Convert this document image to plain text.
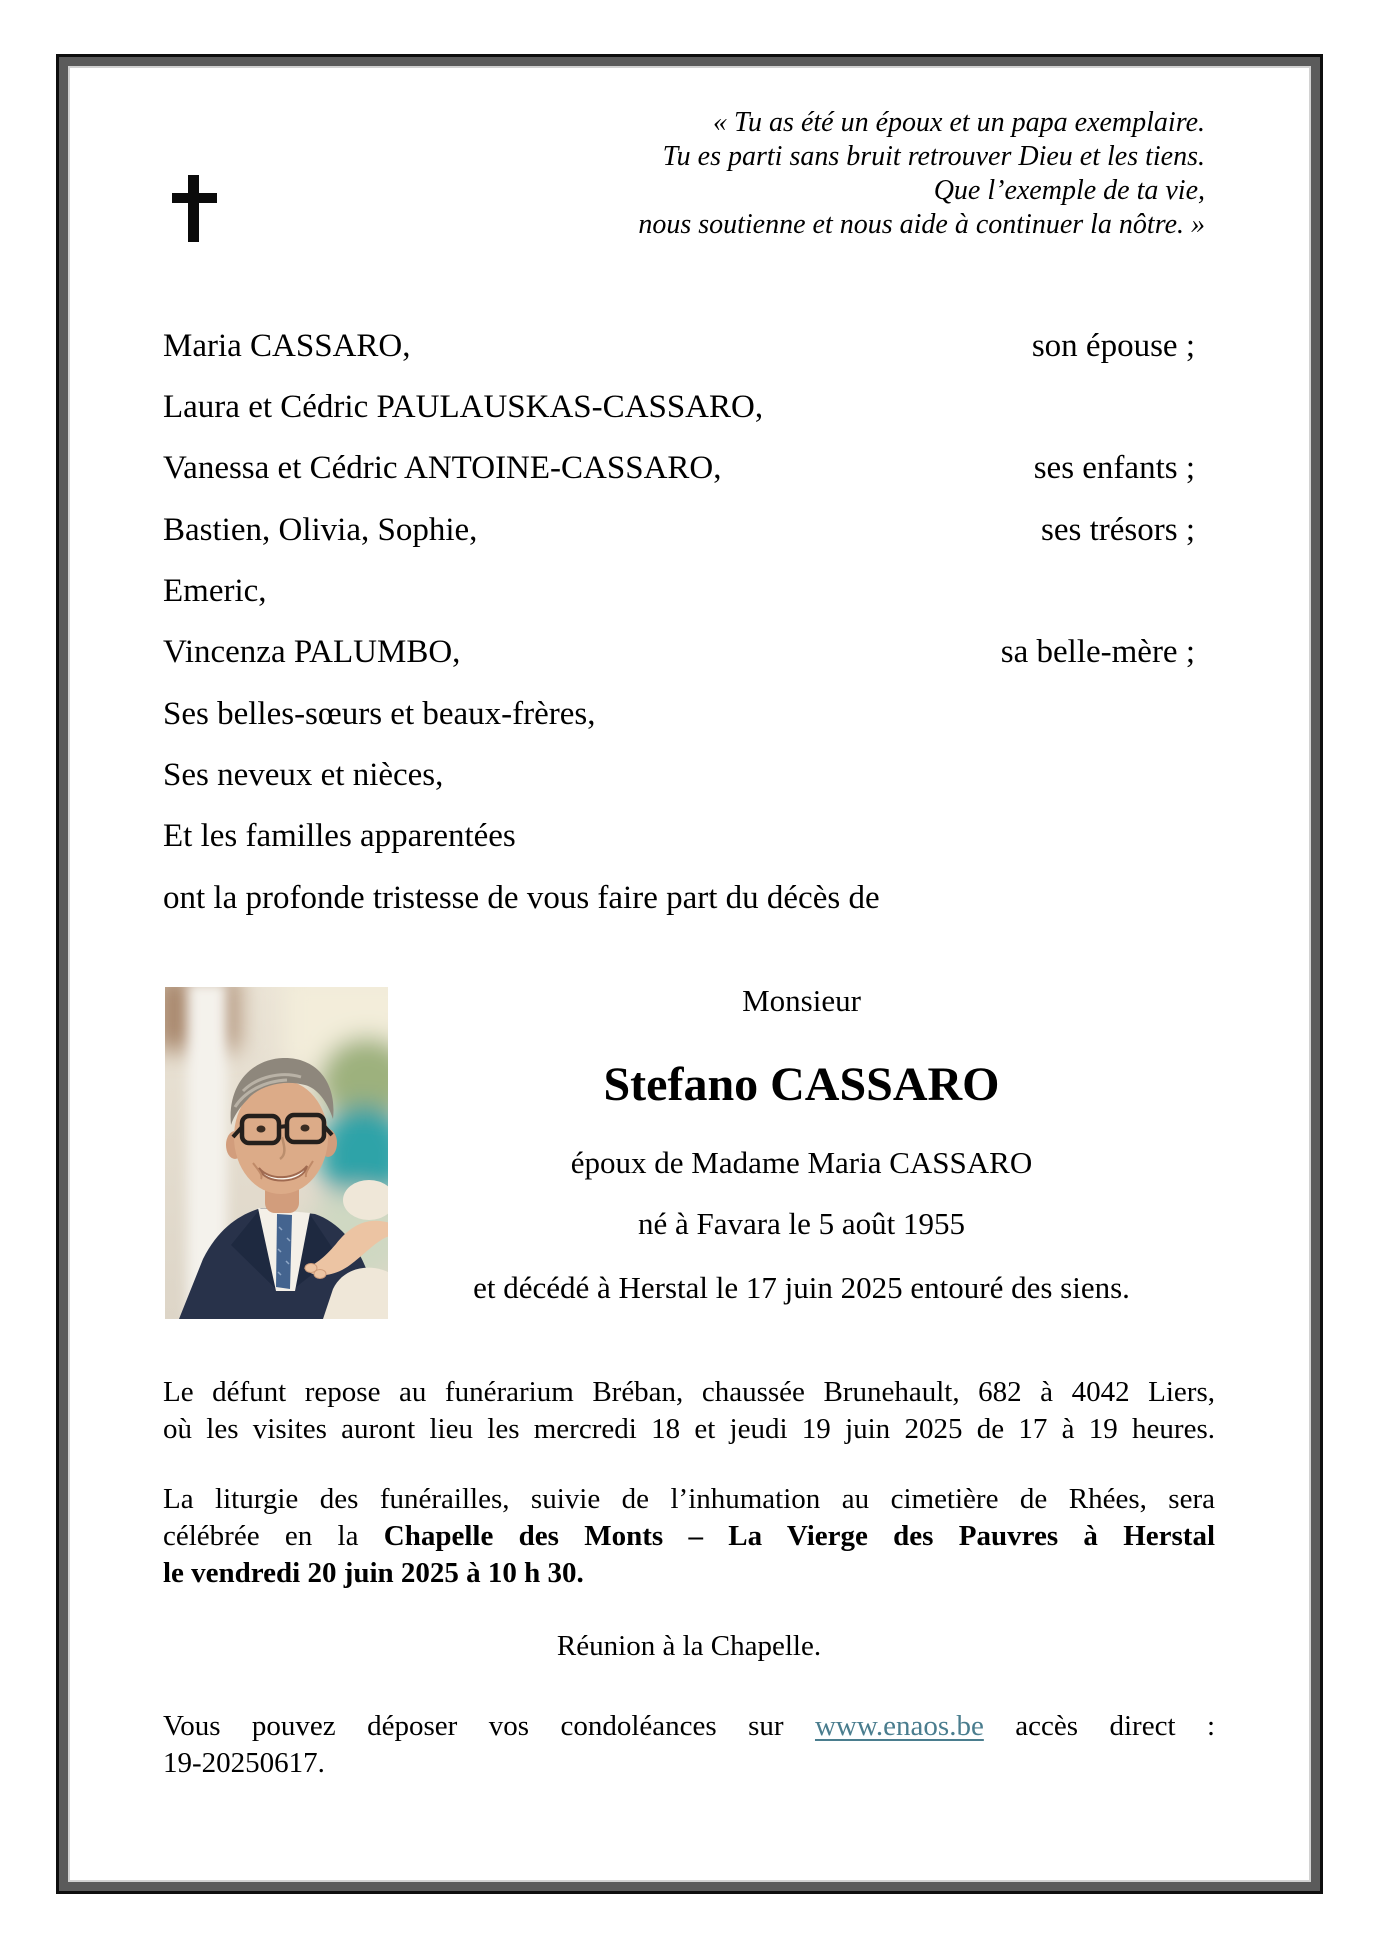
« Tu as été un époux et un papa exemplaire.
Tu es parti sans bruit retrouver Dieu et les tiens.
Que l’exemple de ta vie,
nous soutienne et nous aide à continuer la nôtre. »
Maria CASSARO,	son épouse ;
Laura et Cédric PAULAUSKAS-CASSARO,
Vanessa et Cédric ANTOINE-CASSARO,	ses enfants ;
Bastien, Olivia, Sophie,	ses trésors ;
Emeric,
Vincenza PALUMBO,	sa belle-mère ;
Ses belles-sœurs et beaux-frères,
Ses neveux et nièces,
Et les familles apparentées
ont la profonde tristesse de vous faire part du décès de
Monsieur
Stefano CASSARO
époux de Madame Maria CASSARO
né à Favara le 5 août 1955
et décédé à Herstal le 17 juin 2025 entouré des siens.
Le défunt repose au funérarium Bréban, chaussée Brunehault, 682 à 4042 Liers,
où les visites auront lieu les mercredi 18 et jeudi 19 juin 2025 de 17 à 19 heures.
La liturgie des funérailles, suivie de l’inhumation au cimetière de Rhées, sera
célébrée en la Chapelle des Monts – La Vierge des Pauvres à Herstal
le vendredi 20 juin 2025 à 10 h 30.
Réunion à la Chapelle.
Vous pouvez déposer vos condoléances sur www.enaos.be accès direct :
19-20250617.
